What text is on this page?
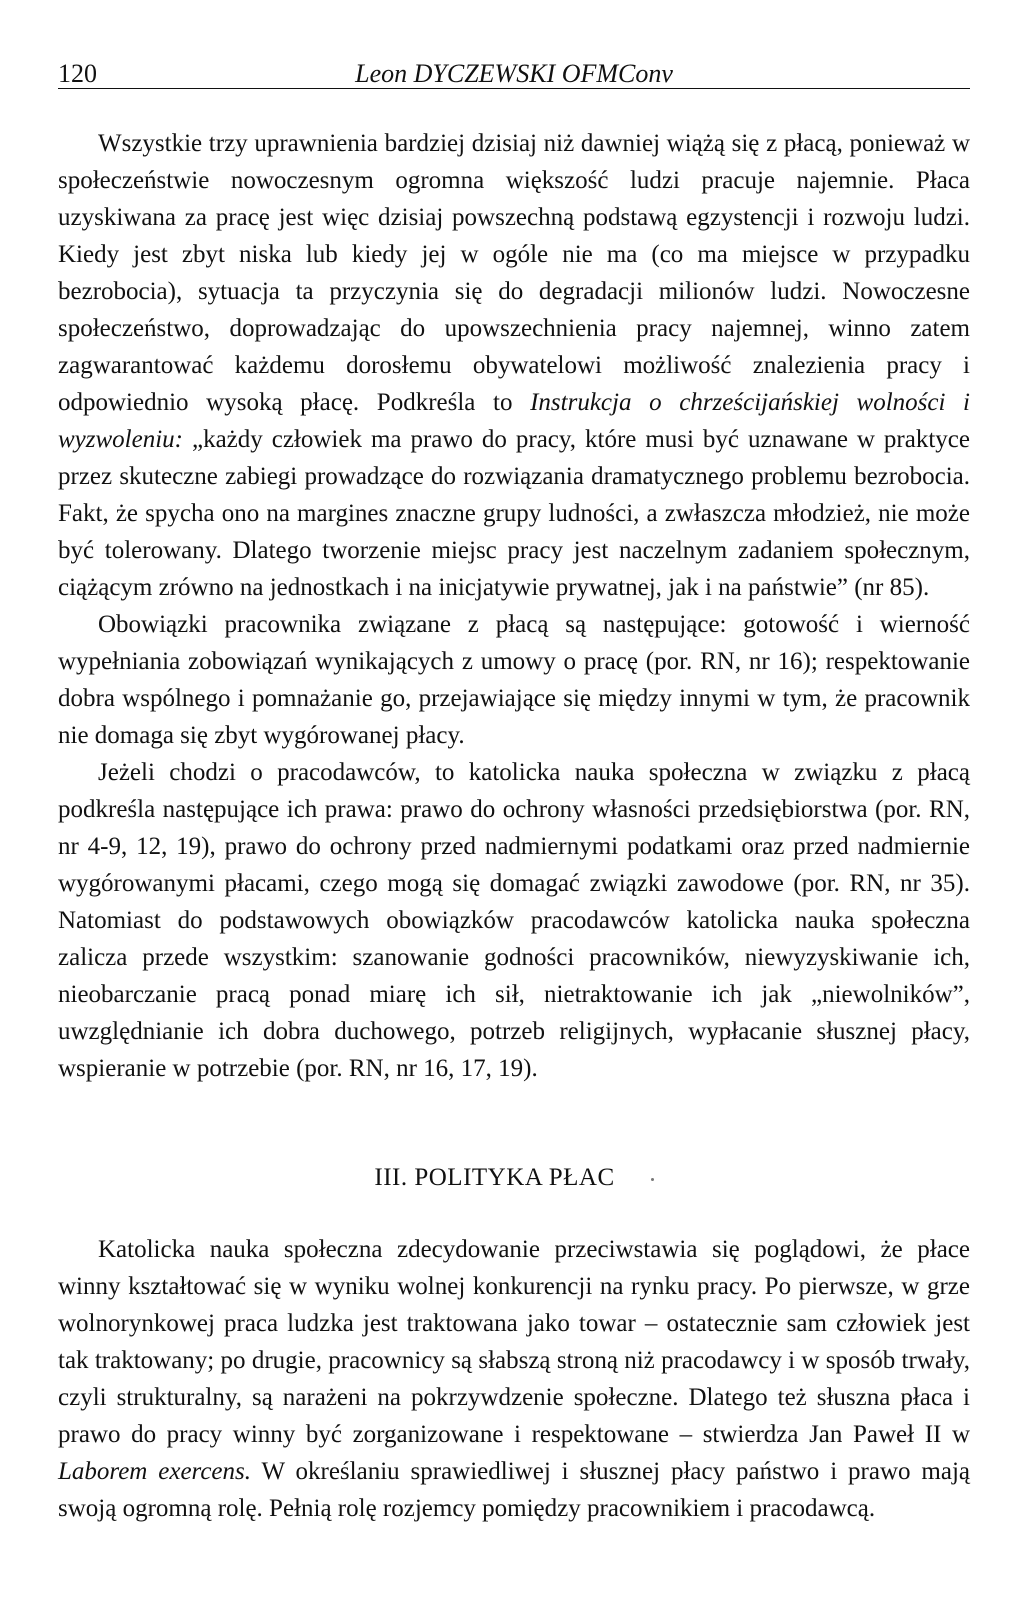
120	Leon DYCZEWSKI OFMConv

Wszystkie trzy uprawnienia bardziej dzisiaj niż dawniej wiążą się z płacą, ponieważ w społeczeństwie nowoczesnym ogromna większość ludzi pracuje najemnie. Płaca uzyskiwana za pracę jest więc dzisiaj powszechną podstawą egzystencji i rozwoju ludzi. Kiedy jest zbyt niska lub kiedy jej w ogóle nie ma (co ma miejsce w przypadku bezrobocia), sytuacja ta przyczynia się do degradacji milionów ludzi. Nowoczesne społeczeństwo, doprowadzając do upowszechnienia pracy najemnej, winno zatem zagwarantować każdemu dorosłemu obywatelowi możliwość znalezienia pracy i odpowiednio wysoką płacę. Podkreśla to Instrukcja o chrześcijańskiej wolności i wyzwoleniu: „każdy człowiek ma prawo do pracy, które musi być uznawane w praktyce przez skuteczne zabiegi prowadzące do rozwiązania dramatycznego problemu bezrobocia. Fakt, że spycha ono na margines znaczne grupy ludności, a zwłaszcza młodzież, nie może być tolerowany. Dlatego tworzenie miejsc pracy jest naczelnym zadaniem społecznym, ciążącym zrówno na jednostkach i na inicjatywie prywatnej, jak i na państwie” (nr 85).

Obowiązki pracownika związane z płacą są następujące: gotowość i wierność wypełniania zobowiązań wynikających z umowy o pracę (por. RN, nr 16); respektowanie dobra wspólnego i pomnażanie go, przejawiające się między innymi w tym, że pracownik nie domaga się zbyt wygórowanej płacy.

Jeżeli chodzi o pracodawców, to katolicka nauka społeczna w związku z płacą podkreśla następujące ich prawa: prawo do ochrony własności przedsiębiorstwa (por. RN, nr 4-9, 12, 19), prawo do ochrony przed nadmiernymi podatkami oraz przed nadmiernie wygórowanymi płacami, czego mogą się domagać związki zawodowe (por. RN, nr 35). Natomiast do podstawowych obowiązków pracodawców katolicka nauka społeczna zalicza przede wszystkim: szanowanie godności pracowników, niewyzyskiwanie ich, nieobarczanie pracą ponad miarę ich sił, nietraktowanie ich jak „niewolników”, uwzględnianie ich dobra duchowego, potrzeb religijnych, wypłacanie słusznej płacy, wspieranie w potrzebie (por. RN, nr 16, 17, 19).

III. POLITYKA PŁAC

Katolicka nauka społeczna zdecydowanie przeciwstawia się poglądowi, że płace winny kształtować się w wyniku wolnej konkurencji na rynku pracy. Po pierwsze, w grze wolnorynkowej praca ludzka jest traktowana jako towar – ostatecznie sam człowiek jest tak traktowany; po drugie, pracownicy są słabszą stroną niż pracodawcy i w sposób trwały, czyli strukturalny, są narażeni na pokrzywdzenie społeczne. Dlatego też słuszna płaca i prawo do pracy winny być zorganizowane i respektowane – stwierdza Jan Paweł II w Laborem exercens. W określaniu sprawiedliwej i słusznej płacy państwo i prawo mają swoją ogromną rolę. Pełnią rolę rozjemcy pomiędzy pracownikiem i pracodawcą.
